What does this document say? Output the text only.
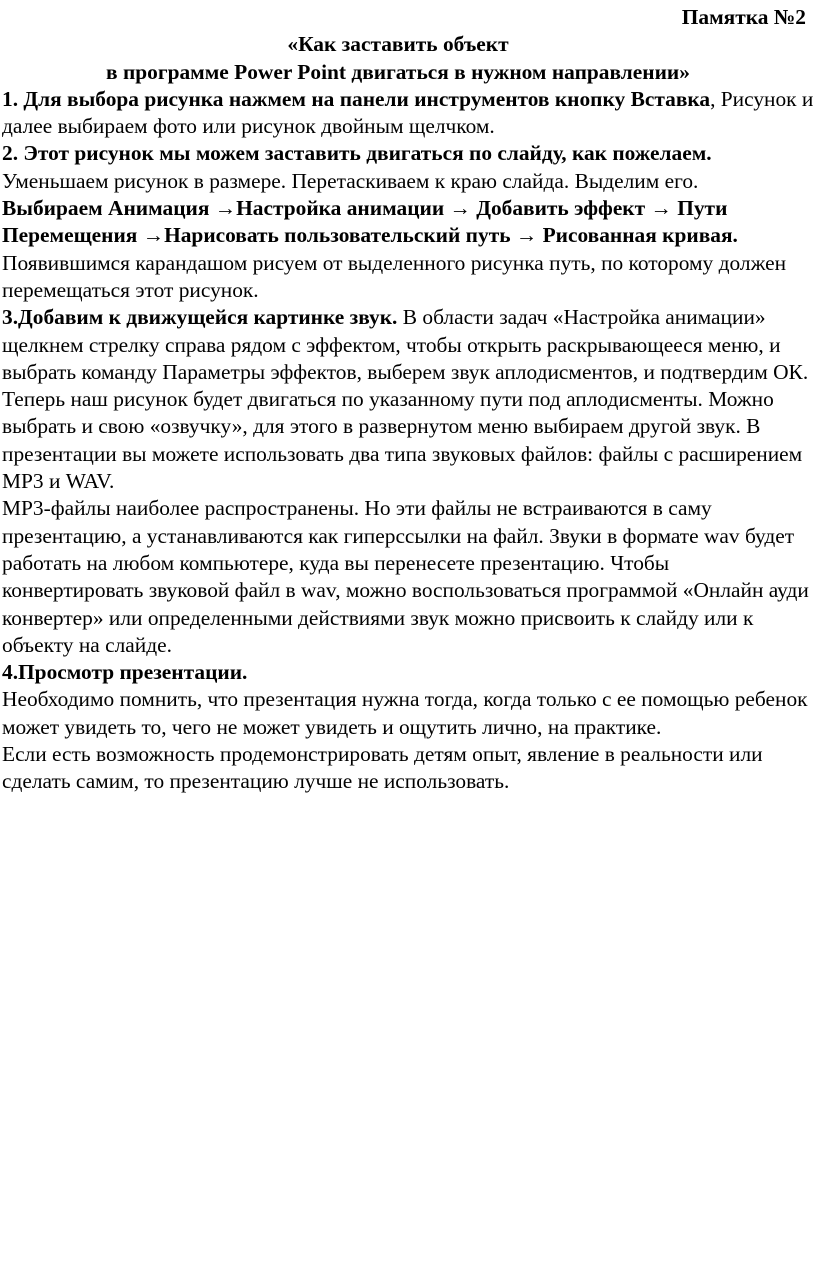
Памятка №2

«Как заставить объект

в программе Power Point двигаться в нужном направлении»

1. Для выбора рисунка нажмем на панели инструментов кнопку Вставка, Рисунок и далее выбираем фото или рисунок двойным щелчком.

2. Этот рисунок мы можем заставить двигаться по слайду, как пожелаем.

Уменьшаем рисунок в размере. Перетаскиваем к краю слайда. Выделим его.

Выбираем Анимация →Настройка анимации → Добавить эффект → Пути Перемещения →Нарисовать пользовательский путь → Рисованная кривая.

Появившимся карандашом рисуем от выделенного рисунка путь, по которому должен перемещаться этот рисунок.

3.Добавим к движущейся картинке звук. В области задач «Настройка анимации» щелкнем стрелку справа рядом с эффектом, чтобы открыть раскрывающееся меню, и выбрать команду Параметры эффектов, выберем звук аплодисментов, и подтвердим ОК. Теперь наш рисунок будет двигаться по указанному пути под аплодисменты. Можно выбрать и свою «озвучку», для этого в развернутом меню выбираем другой звук. В презентации вы можете использовать два типа звуковых файлов: файлы с расширением МР3 и WAV.

МР3-файлы наиболее распространены. Но эти файлы не встраиваются в саму презентацию, а устанавливаются как гиперссылки на файл. Звуки в формате wav будет работать на любом компьютере, куда вы перенесете презентацию. Чтобы конвертировать звуковой файл в wav, можно воспользоваться программой «Онлайн ауди конвертер» или определенными действиями звук можно присвоить к слайду или к объекту на слайде.

4.Просмотр презентации.

Необходимо помнить, что презентация нужна тогда, когда только с ее помощью ребенок может увидеть то, чего не может увидеть и ощутить лично, на практике.

Если есть возможность продемонстрировать детям опыт, явление в реальности или сделать самим, то презентацию лучше не использовать.
